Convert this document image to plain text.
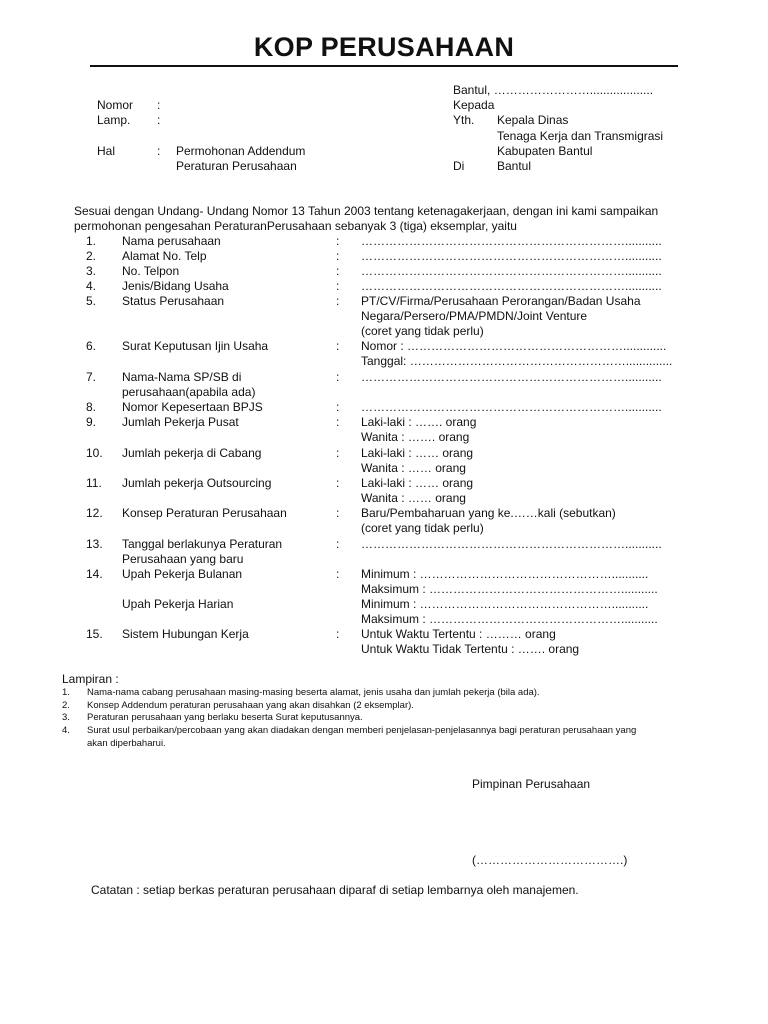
KOP PERUSAHAAN
Bantul, ……………………...................
Kepada
Yth. Kepala Dinas
Tenaga Kerja dan Transmigrasi
Kabupaten Bantul
Di	Bantul
Nomor :
Lamp. :
Hal	: Permohonan Addendum
Peraturan Perusahaan
Sesuai dengan Undang- Undang Nomor 13 Tahun 2003 tentang ketenagakerjaan, dengan ini kami sampaikan
permohonan pengesahan PeraturanPerusahaan sebanyak 3 (tiga) eksemplar, yaitu
1. Nama perusahaan	: …………………………………………………………...........
2. Alamat No. Telp	: …………………………………………………………...........
3. No. Telpon	: …………………………………………………………...........
4. Jenis/Bidang Usaha	: …………………………………………………………...........
5. Status Perusahaan	: PT/CV/Firma/Perusahaan Perorangan/Badan Usaha
Negara/Persero/PMA/PMDN/Joint Venture
(coret yang tidak perlu)
6. Surat Keputusan Ijin Usaha	: Nomor : ……………………………………………….............
Tanggal: ………………………………………………..............
7. Nama-Nama SP/SB di
perusahaan(apabila ada)
: …………………………………………………………...........
8. Nomor Kepesertaan BPJS	: …………………………………………………………...........
9. Jumlah Pekerja Pusat	: Laki-laki : ……. orang
Wanita : ……. orang
10. Jumlah pekerja di Cabang	: Laki-laki : …… orang
Wanita : …… orang
11. Jumlah pekerja Outsourcing	: Laki-laki : …… orang
Wanita : …… orang
12. Konsep Peraturan Perusahaan	: Baru/Pembaharuan yang ke.……kali (sebutkan)
(coret yang tidak perlu)
13. Tanggal berlakunya Peraturan
Perusahaan yang baru
: …………………………………………………………...........
14. Upah Pekerja Bulanan	: Minimum : …………………………………………...........
Maksimum : …………………………………………...........
Upah Pekerja Harian	Minimum : …………………………………………...........
Maksimum : …………………………………………...........
15. Sistem Hubungan Kerja	: Untuk Waktu Tertentu : ……… orang
Untuk Waktu Tidak Tertentu : ……. orang
Lampiran :
1. Nama-nama cabang perusahaan masing-masing beserta alamat, jenis usaha dan jumlah pekerja (bila ada).
2. Konsep Addendum peraturan perusahaan yang akan disahkan (2 eksemplar).
3. Peraturan perusahaan yang berlaku beserta Surat keputusannya.
4. Surat usul perbaikan/percobaan yang akan diadakan dengan memberi penjelasan-penjelasannya bagi peraturan perusahaan yang
akan diperbaharui.
Pimpinan Perusahaan
(……………………………….)
Catatan : setiap berkas peraturan perusahaan diparaf di setiap lembarnya oleh manajemen.
